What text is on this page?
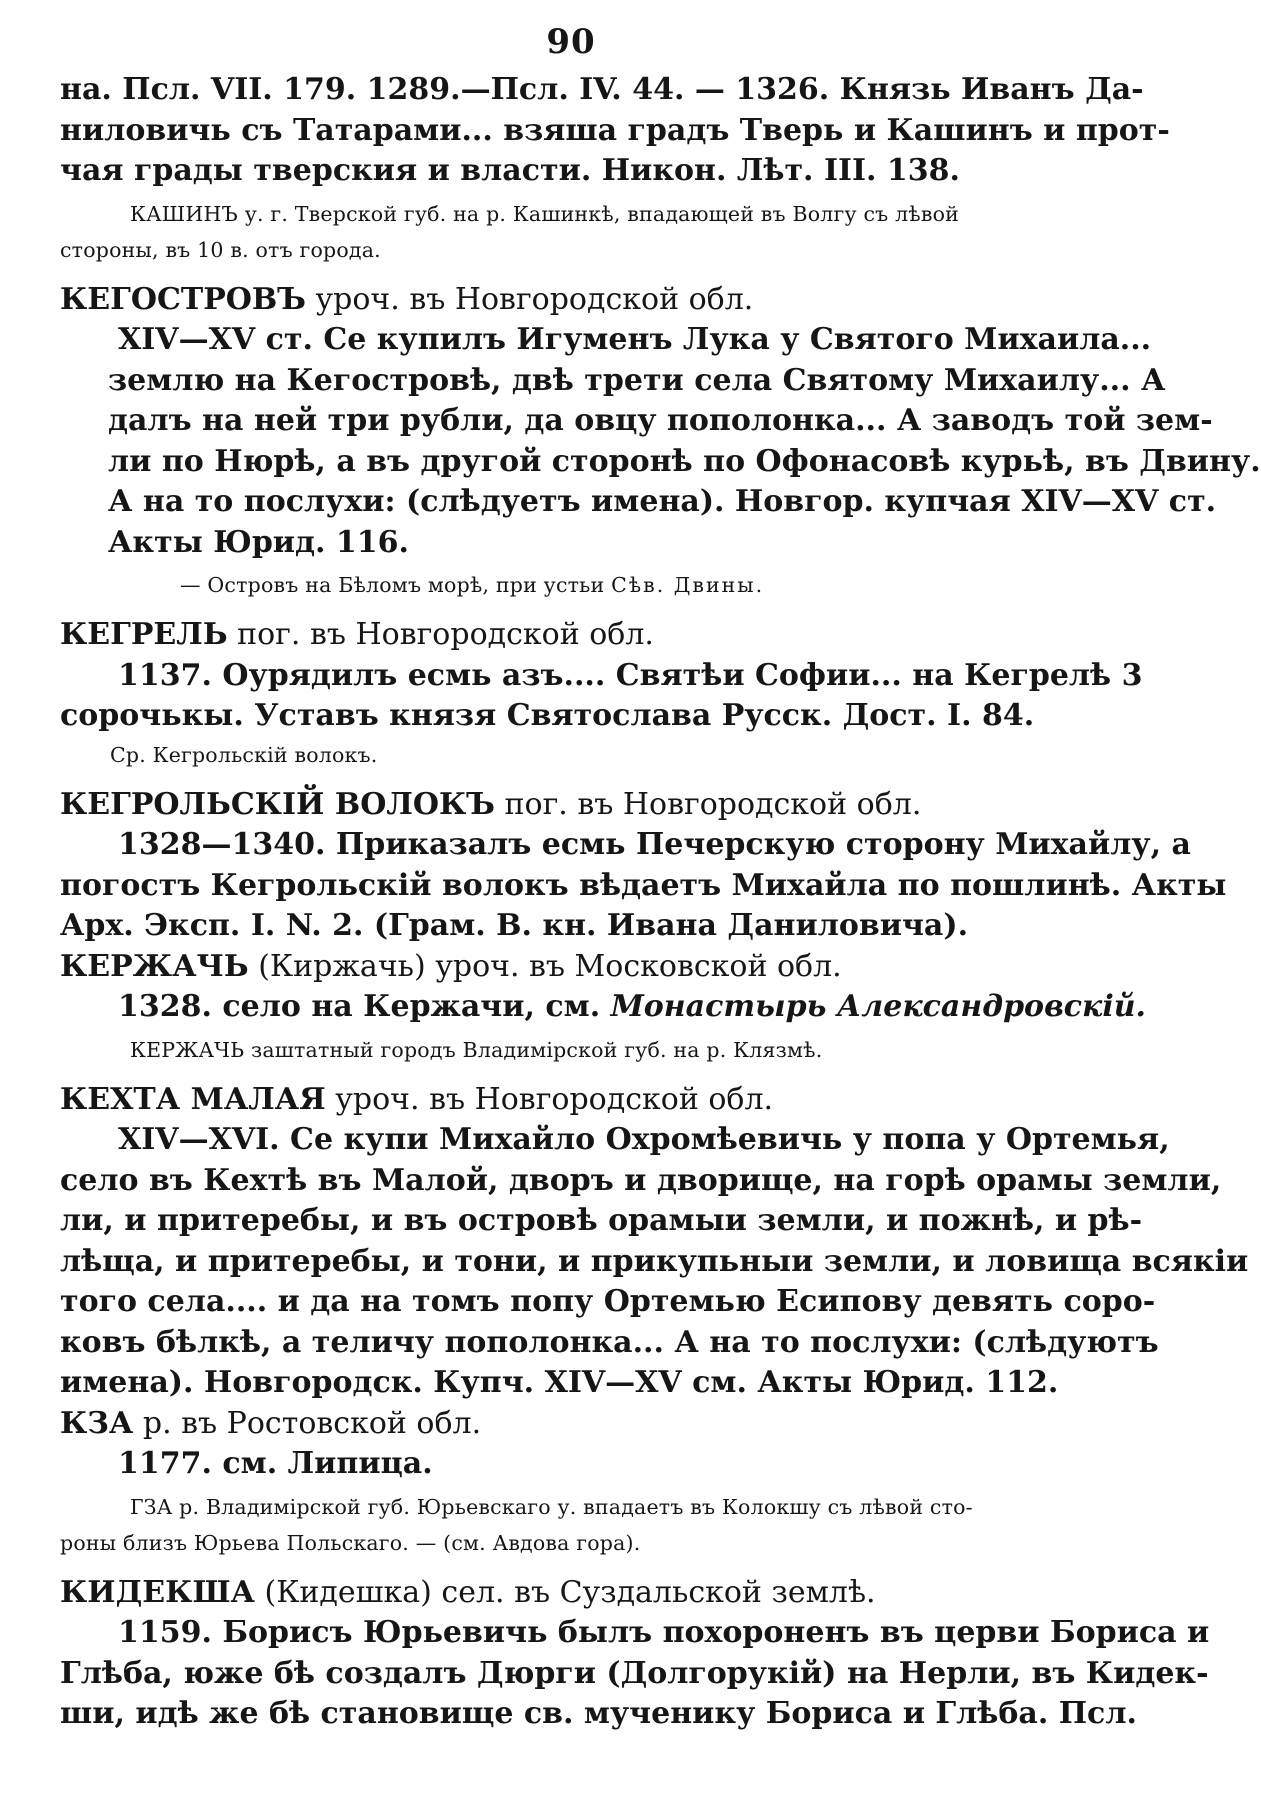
90
на. Псл. VII. 179. 1289.—Псл. IV. 44. — 1326. Князь Иванъ Да-
ниловичь съ Татарами... взяша градъ Тверь и Кашинъ и прот-
чая грады тверския и власти. Никон. Лѣт. III. 138.
КАШИНЪ у. г. Тверской губ. на р. Кашинкѣ, впадающей въ Волгу съ лѣвой
стороны, въ 10 в. отъ города.
КЕГОСТРОВЪ уроч. въ Новгородской обл.
XIV—XV ст. Се купилъ Игуменъ Лука у Святого Михаила...
землю на Кегостровѣ, двѣ трети села Святому Михаилу... А
далъ на ней три рубли, да овцу пополонка... А заводъ той зем-
ли по Нюрѣ, а въ другой сторонѣ по Офонасовѣ курьѣ, въ Двину.
А на то послухи: (слѣдуетъ имена). Новгор. купчая XIV—XV ст.
Акты Юрид. 116.
— Островъ на Бѣломъ морѣ, при устьи Сѣв. Двины.
КЕГРЕЛЬ пог. въ Новгородской обл.
1137. Оурядилъ есмь азъ.... Святѣи Софии... на Кегрелѣ 3
сорочькы. Уставъ князя Святослава Русск. Дост. I. 84.
Ср. Кегрольскій волокъ.
КЕГРОЛЬСКІЙ ВОЛОКЪ пог. въ Новгородской обл.
1328—1340. Приказалъ есмь Печерскую сторону Михайлу, а
погостъ Кегрольскій волокъ вѣдаетъ Михайла по пошлинѣ. Акты
Арх. Эксп. I. N. 2. (Грам. В. кн. Ивана Даниловича).
КЕРЖАЧЬ (Киржачь) уроч. въ Московской обл.
1328. село на Кержачи, см. Монастырь Александровскій.
КЕРЖАЧЬ заштатный городъ Владимірской губ. на р. Клязмѣ.
КЕХТА МАЛАЯ уроч. въ Новгородской обл.
XIV—XVI. Се купи Михайло Охромѣевичь у попа у Ортемья,
село въ Кехтѣ въ Малой, дворъ и дворище, на горѣ орамы земли,
ли, и притеребы, и въ островѣ орамыи земли, и пожнѣ, и рѣ-
лѣща, и притеребы, и тони, и прикупьныи земли, и ловища всякіи
того села.... и да на томъ попу Ортемью Есипову девять соро-
ковъ бѣлкѣ, а теличу пополонка... А на то послухи: (слѣдуютъ
имена). Новгородск. Купч. XIV—XV см. Акты Юрид. 112.
КЗА р. въ Ростовской обл.
1177. см. Липица.
ГЗА р. Владимірской губ. Юрьевскаго у. впадаетъ въ Колокшу съ лѣвой сто-
роны близъ Юрьева Польскаго. — (см. Авдова гора).
КИДЕКША (Кидешка) сел. въ Суздальской землѣ.
1159. Борисъ Юрьевичь былъ похороненъ въ церви Бориса и
Глѣба, юже бѣ создалъ Дюрги (Долгорукій) на Нерли, въ Кидек-
ши, идѣ же бѣ становище св. мученику Бориса и Глѣба. Псл.
